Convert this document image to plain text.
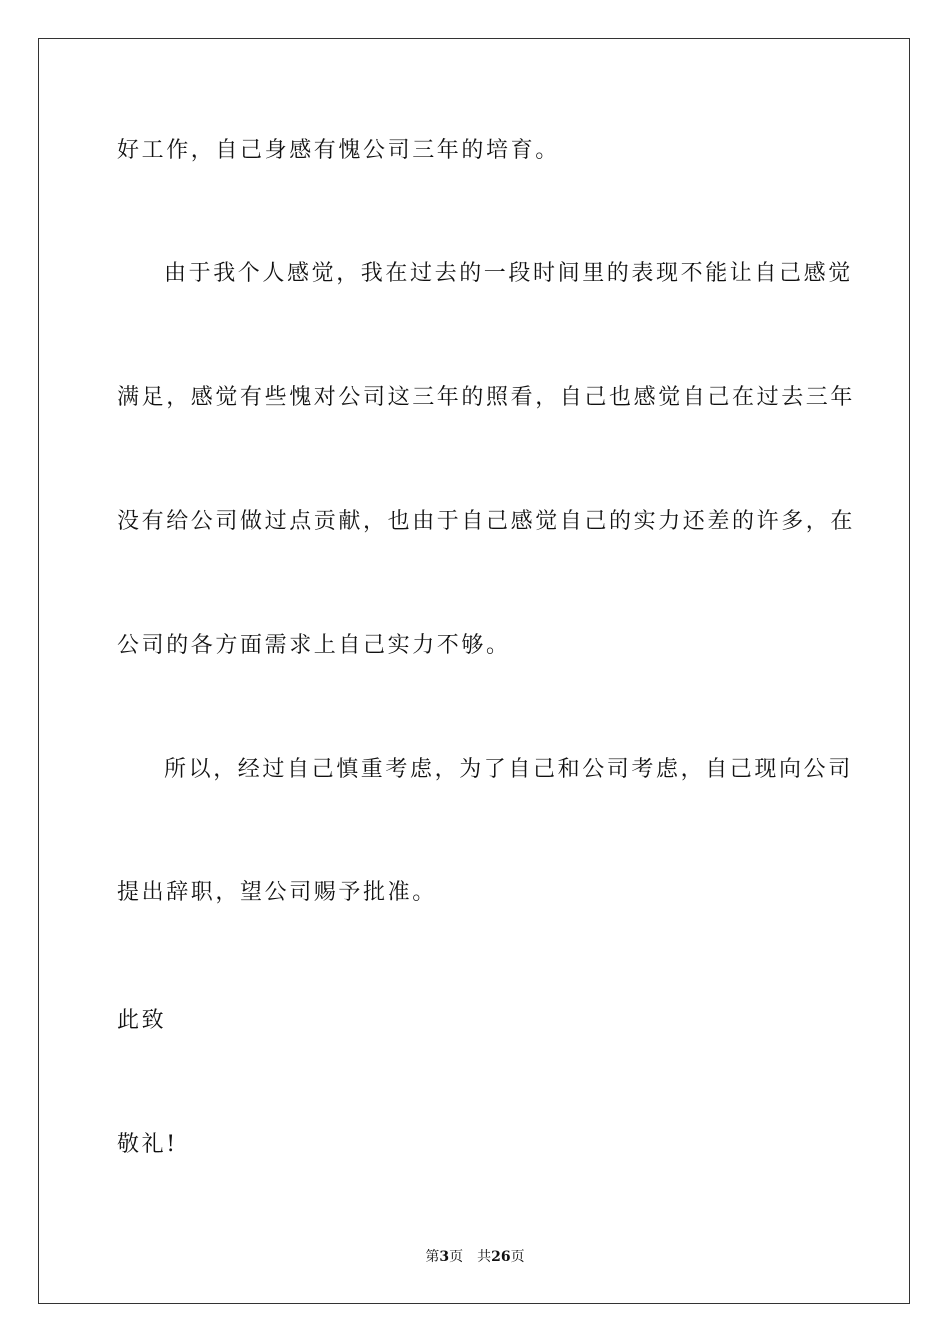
好工作，自己身感有愧公司三年的培育。
由于我个人感觉，我在过去的一段时间里的表现不能让自己感觉
满足，感觉有些愧对公司这三年的照看，自己也感觉自己在过去三年
没有给公司做过点贡献，也由于自己感觉自己的实力还差的许多，在
公司的各方面需求上自己实力不够。
所以，经过自己慎重考虑，为了自己和公司考虑，自己现向公司
提出辞职，望公司赐予批准。
此致
敬礼!
第3页 共26页
